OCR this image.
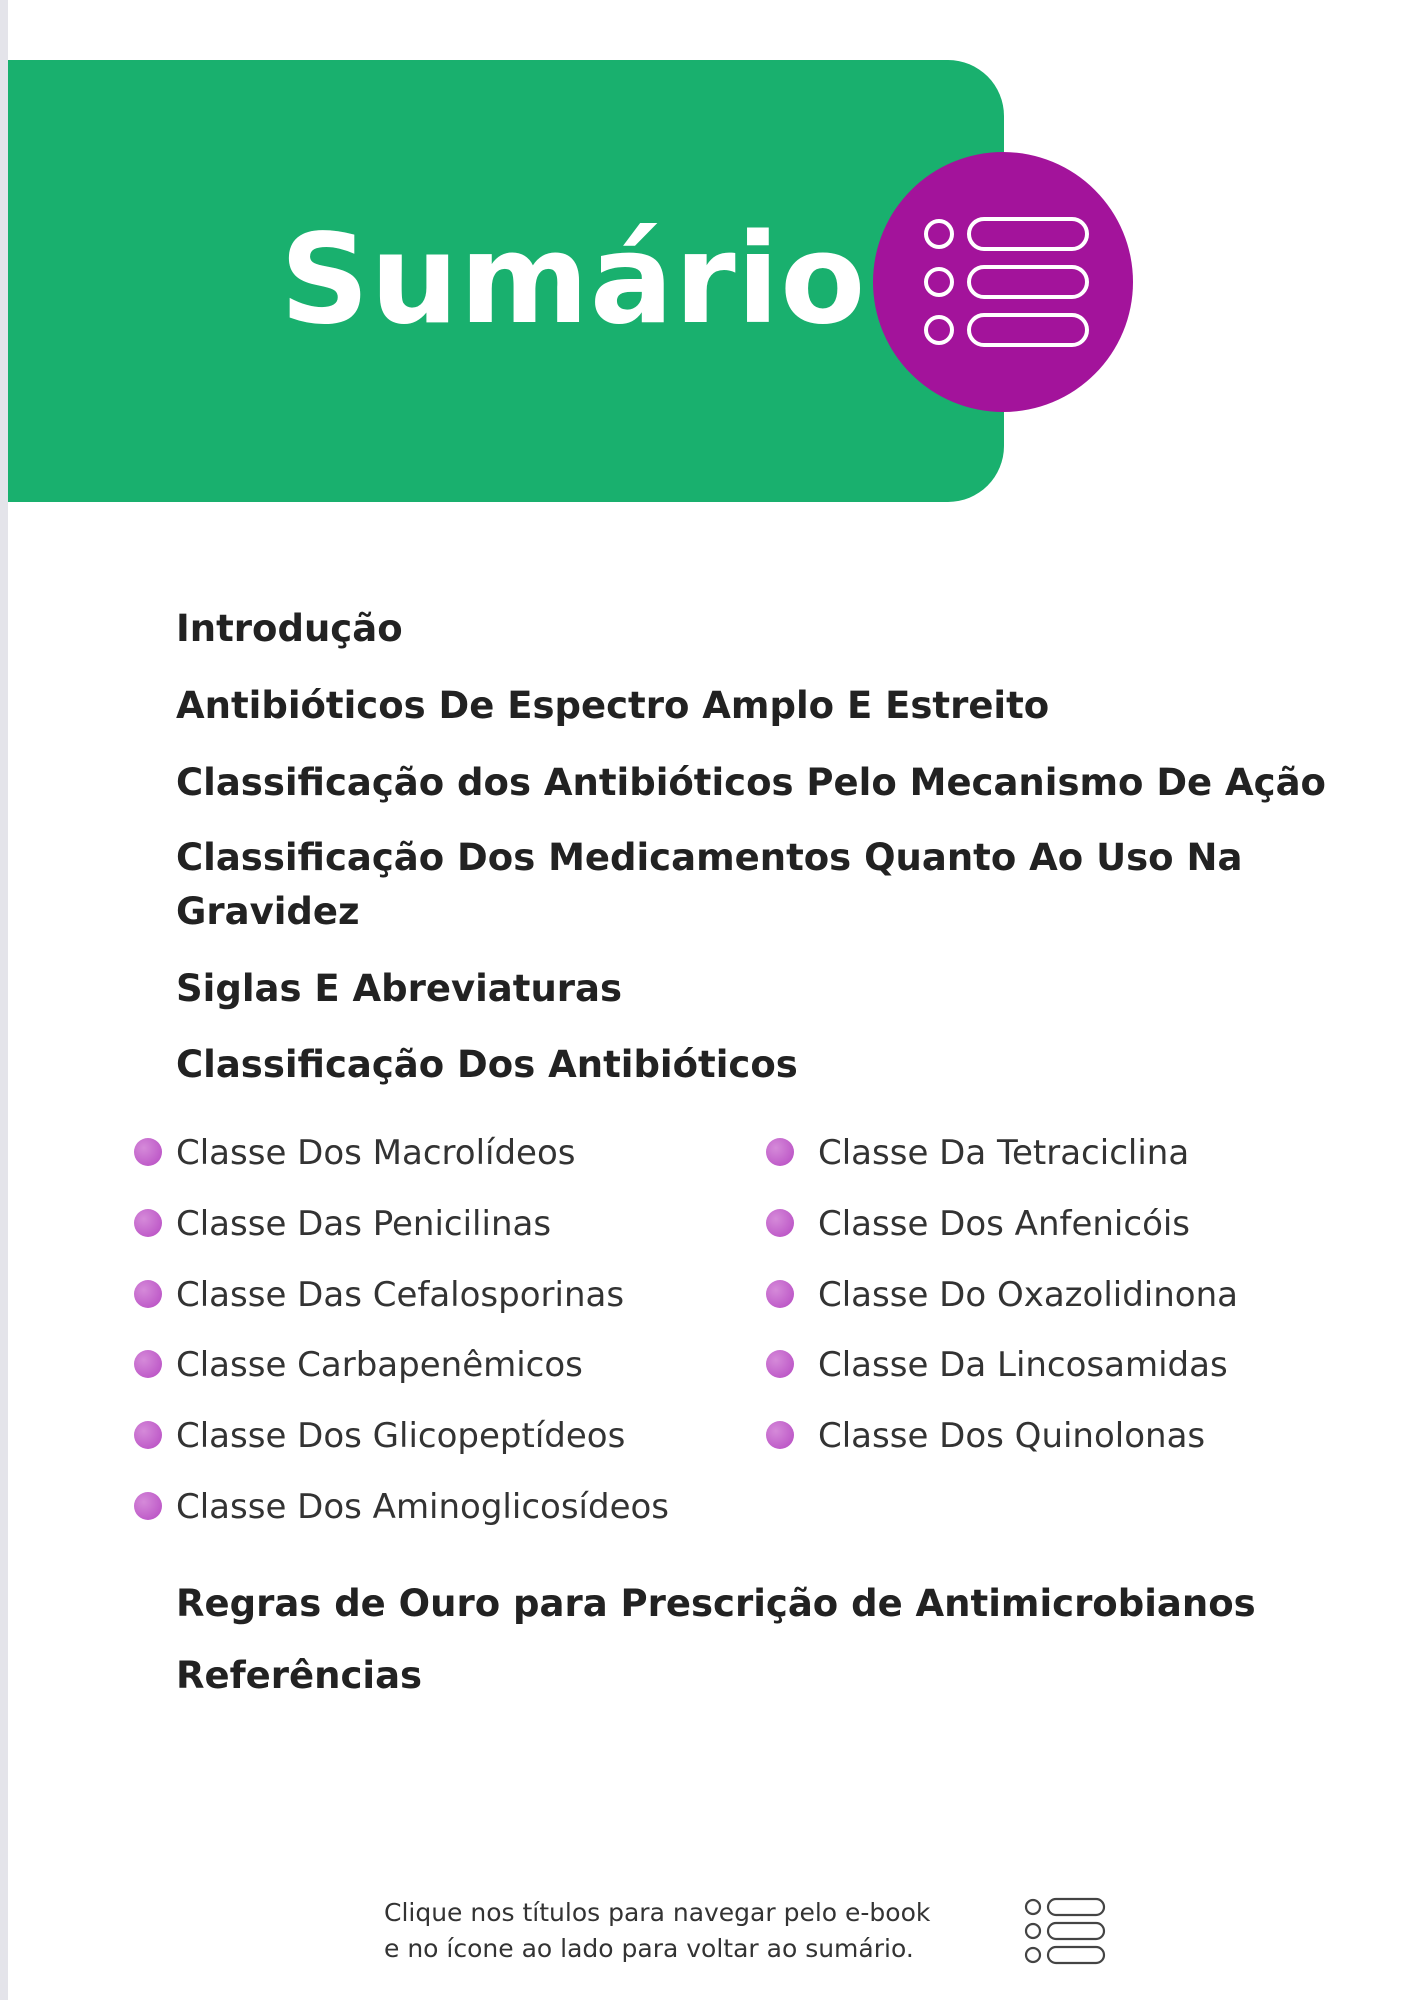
Sumário
Introdução
Antibióticos De Espectro Amplo E Estreito
Classificação dos Antibióticos Pelo Mecanismo De Ação
Classificação Dos Medicamentos Quanto Ao Uso Na Gravidez
Siglas E Abreviaturas
Classificação Dos Antibióticos
Classe Dos Macrolídeos
Classe Das Penicilinas
Classe Das Cefalosporinas
Classe Carbapenêmicos
Classe Dos Glicopeptídeos
Classe Dos Aminoglicosídeos
Classe Da Tetraciclina
Classe Dos Anfenicóis
Classe Do Oxazolidinona
Classe Da Lincosamidas
Classe Dos Quinolonas
Regras de Ouro para Prescrição de Antimicrobianos
Referências
Clique nos títulos para navegar pelo e-book
e no ícone ao lado para voltar ao sumário.
